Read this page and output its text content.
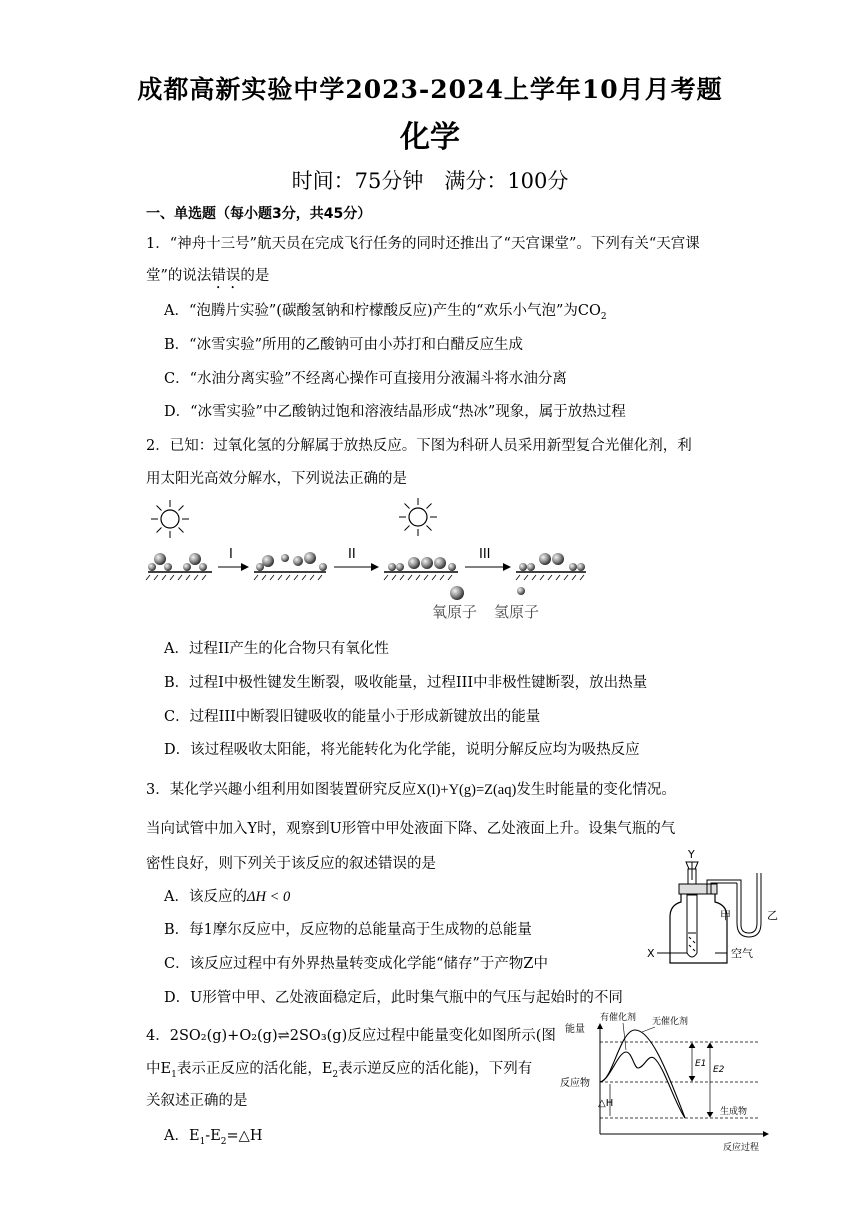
成都高新实验中学2023-2024上学年10月月考题
化学
时间：75分钟　满分：100分
一、单选题（每小题3分，共45分）
1．“神舟十三号”航天员在完成飞行任务的同时还推出了“天宫课堂”。下列有关“天宫课
堂”的说法错误的是
A．“泡腾片实验”(碳酸氢钠和柠檬酸反应)产生的“欢乐小气泡”为$CO_2$
B．“冰雪实验”所用的乙酸钠可由小苏打和白醋反应生成
C．“水油分离实验”不经离心操作可直接用分液漏斗将水油分离
D．“冰雪实验”中乙酸钠过饱和溶液结晶形成“热冰”现象，属于放热过程
2．已知：过氧化氢的分解属于放热反应。下图为科研人员采用新型复合光催化剂，利
用太阳光高效分解水，下列说法正确的是
I	II	III
氧原子 氢原子
A．过程II产生的化合物只有氧化性
B．过程I中极性键发生断裂，吸收能量，过程III中非极性键断裂，放出热量
C．过程III中断裂旧键吸收的能量小于形成新键放出的能量
D．该过程吸收太阳能，将光能转化为化学能，说明分解反应均为吸热反应
3．某化学兴趣小组利用如图装置研究反应X(l)+Y(g)=Z(aq)发生时能量的变化情况。
当向试管中加入Y时，观察到U形管中甲处液面下降、乙处液面上升。设集气瓶的气
密性良好，则下列关于该反应的叙述错误的是
A．该反应的ΔH < 0
B．每1摩尔反应中，反应物的总能量高于生成物的总能量
C．该反应过程中有外界热量转变成化学能“储存”于产物Z中
D．U形管中甲、乙处液面稳定后，此时集气瓶中的气压与起始时的不同
Y
甲	乙
X	空气
4．2SO₂(g)+O₂(g)⇌2SO₃(g)反应过程中能量变化如图所示(图
中$E_1$表示正反应的活化能，$E_2$表示逆反应的活化能)，下列有
关叙述正确的是
A．$E_1-E_2=\triangle H$
能量
反应过程
有催化剂 无催化剂
反应物
生成物
E1
E2
△H
